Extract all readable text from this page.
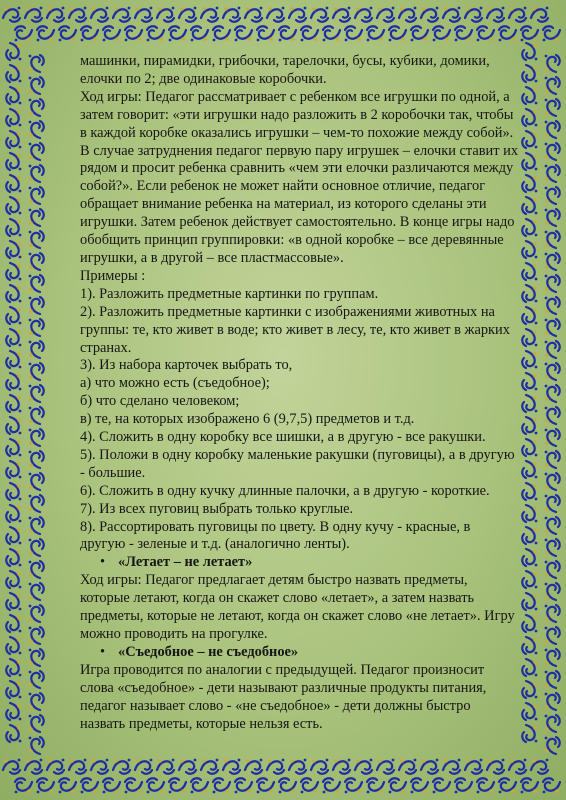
машинки, пирамидки, грибочки, тарелочки, бусы, кубики, домики, елочки по 2; две одинаковые коробочки.

Ход игры: Педагог рассматривает с ребенком все игрушки по одной, а затем говорит: «эти игрушки надо разложить в 2 коробочки так, чтобы в каждой коробке оказались игрушки – чем-то похожие между собой». В случае затруднения педагог первую пару игрушек – елочки ставит их рядом и просит ребенка сравнить «чем эти елочки различаются между собой?». Если ребенок не может найти основное отличие, педагог обращает внимание ребенка на материал, из которого сделаны эти игрушки. Затем ребенок действует самостоятельно. В конце игры надо обобщить принцип группировки: «в одной коробке – все деревянные игрушки, а в другой – все пластмассовые».

Примеры :

1). Разложить предметные картинки по группам.

2). Разложить предметные картинки с изображениями животных на группы: те, кто живет в воде; кто живет в лесу, те, кто живет в жарких странах.

3). Из набора карточек выбрать то,

а) что можно есть (съедобное);

б) что сделано человеком;

в) те, на которых изображено 6 (9,7,5) предметов и т.д.

4). Сложить в одну коробку все шишки, а в другую - все ракушки.

5). Положи в одну коробку маленькие ракушки (пуговицы), а в другую - большие.

6). Сложить в одну кучку длинные палочки, а в другую - короткие.

7). Из всех пуговиц выбрать только круглые.

8). Рассортировать пуговицы по цвету. В одну кучу - красные, в другую - зеленые и т.д. (аналогично ленты).

• «Летает – не летает»

Ход игры: Педагог предлагает детям быстро назвать предметы, которые летают, когда он скажет слово «летает», а затем назвать предметы, которые не летают, когда он скажет слово «не летает». Игру можно проводить на прогулке.

• «Съедобное – не съедобное»

Игра проводится по аналогии с предыдущей. Педагог произносит слова «съедобное» - дети называют различные продукты питания, педагог называет слово - «не съедобное» - дети должны быстро назвать предметы, которые нельзя есть.
